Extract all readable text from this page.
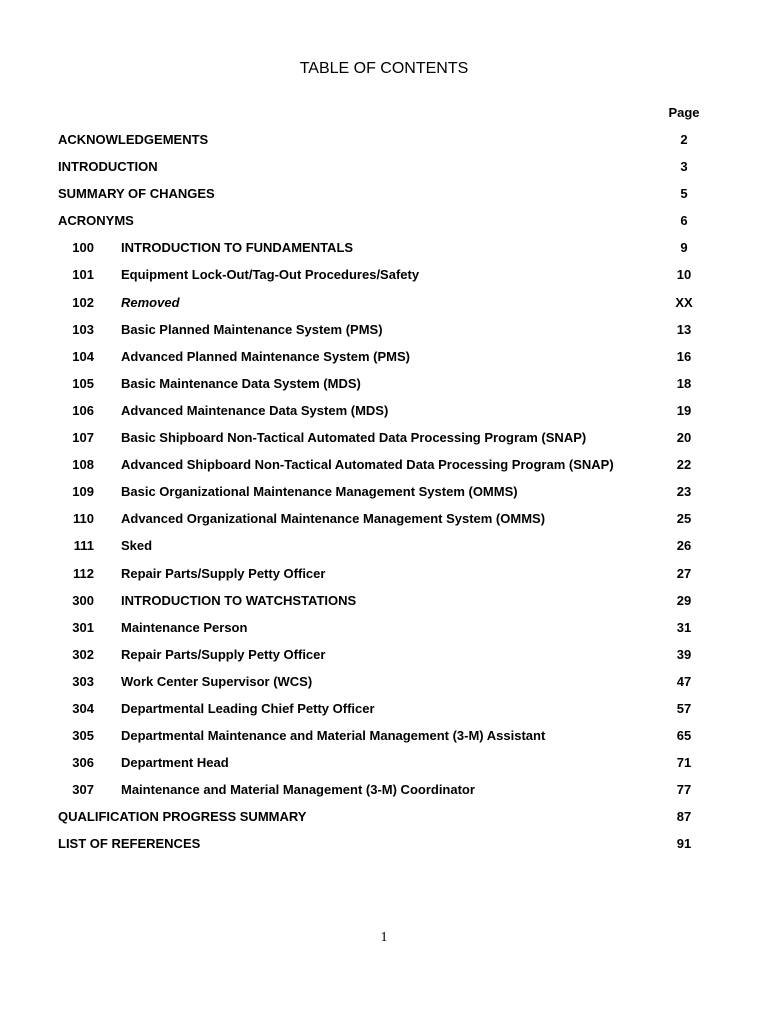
TABLE OF CONTENTS
Page
ACKNOWLEDGEMENTS	2
INTRODUCTION	3
SUMMARY OF CHANGES	5
ACRONYMS	6
100 INTRODUCTION TO FUNDAMENTALS	9
101 Equipment Lock-Out/Tag-Out Procedures/Safety	10
102 Removed	XX
103 Basic Planned Maintenance System (PMS)	13
104 Advanced Planned Maintenance System (PMS)	16
105 Basic Maintenance Data System (MDS)	18
106 Advanced Maintenance Data System (MDS)	19
107 Basic Shipboard Non-Tactical Automated Data Processing Program (SNAP)	20
108 Advanced Shipboard Non-Tactical Automated Data Processing Program (SNAP)	22
109 Basic Organizational Maintenance Management System (OMMS)	23
110 Advanced Organizational Maintenance Management System (OMMS)	25
111 Sked	26
112 Repair Parts/Supply Petty Officer	27
300 INTRODUCTION TO WATCHSTATIONS	29
301 Maintenance Person	31
302 Repair Parts/Supply Petty Officer	39
303 Work Center Supervisor (WCS)	47
304 Departmental Leading Chief Petty Officer	57
305 Departmental Maintenance and Material Management (3-M) Assistant	65
306 Department Head	71
307 Maintenance and Material Management (3-M) Coordinator	77
QUALIFICATION PROGRESS SUMMARY	87
LIST OF REFERENCES	91
1
